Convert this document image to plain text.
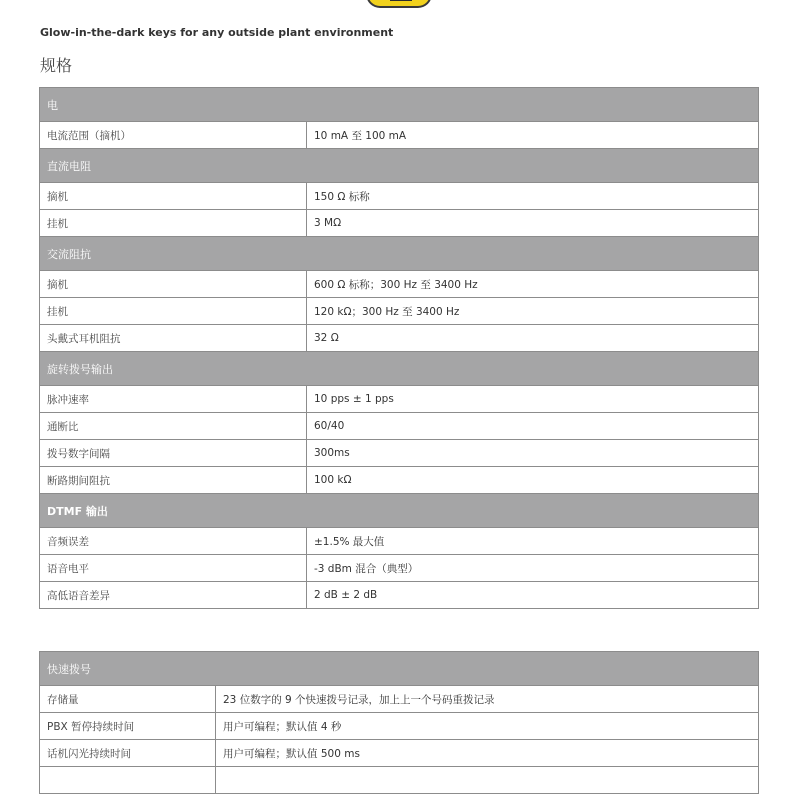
Glow-in-the-dark keys for any outside plant environment
规格
电	
电流范围（摘机）	10 mA 至 100 mA
直流电阻	
摘机	150 Ω 标称
挂机	3 MΩ
交流阻抗	
摘机	600 Ω 标称；300 Hz 至 3400 Hz
挂机	120 kΩ；300 Hz 至 3400 Hz
头戴式耳机阻抗	32 Ω
旋转拨号输出	
脉冲速率	10 pps ± 1 pps
通断比	60/40
拨号数字间隔	300ms
断路期间阻抗	100 kΩ
DTMF 输出	
音频误差	±1.5% 最大值
语音电平	-3 dBm 混合（典型）
高低语音差异	2 dB ± 2 dB
快速拨号	
存储量	23 位数字的 9 个快速拨号记录，加上上一个号码重拨记录
PBX 暂停持续时间	用户可编程；默认值 4 秒
话机闪光持续时间	用户可编程；默认值 500 ms
